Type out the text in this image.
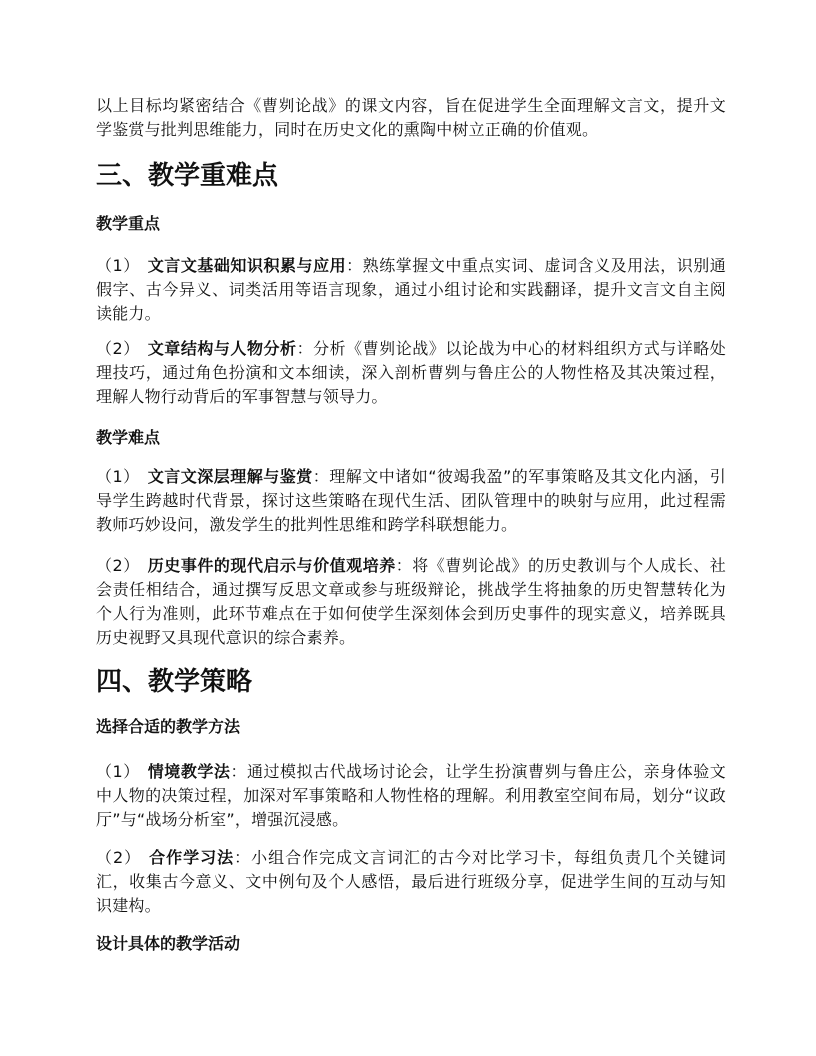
以上目标均紧密结合《曹刿论战》的课文内容，旨在促进学生全面理解文言文，提升文学鉴赏与批判思维能力，同时在历史文化的熏陶中树立正确的价值观。

三、教学重难点
教学重点

（1） 文言文基础知识积累与应用：熟练掌握文中重点实词、虚词含义及用法，识别通假字、古今异义、词类活用等语言现象，通过小组讨论和实践翻译，提升文言文自主阅读能力。

（2） 文章结构与人物分析：分析《曹刿论战》以论战为中心的材料组织方式与详略处理技巧，通过角色扮演和文本细读，深入剖析曹刿与鲁庄公的人物性格及其决策过程，理解人物行动背后的军事智慧与领导力。

教学难点

（1） 文言文深层理解与鉴赏：理解文中诸如“彼竭我盈”的军事策略及其文化内涵，引导学生跨越时代背景，探讨这些策略在现代生活、团队管理中的映射与应用，此过程需教师巧妙设问，激发学生的批判性思维和跨学科联想能力。

（2） 历史事件的现代启示与价值观培养：将《曹刿论战》的历史教训与个人成长、社会责任相结合，通过撰写反思文章或参与班级辩论，挑战学生将抽象的历史智慧转化为个人行为准则，此环节难点在于如何使学生深刻体会到历史事件的现实意义，培养既具历史视野又具现代意识的综合素养。

四、教学策略
选择合适的教学方法

（1） 情境教学法：通过模拟古代战场讨论会，让学生扮演曹刿与鲁庄公，亲身体验文中人物的决策过程，加深对军事策略和人物性格的理解。利用教室空间布局，划分“议政厅”与“战场分析室”，增强沉浸感。

（2） 合作学习法：小组合作完成文言词汇的古今对比学习卡，每组负责几个关键词汇，收集古今意义、文中例句及个人感悟，最后进行班级分享，促进学生间的互动与知识建构。

设计具体的教学活动
